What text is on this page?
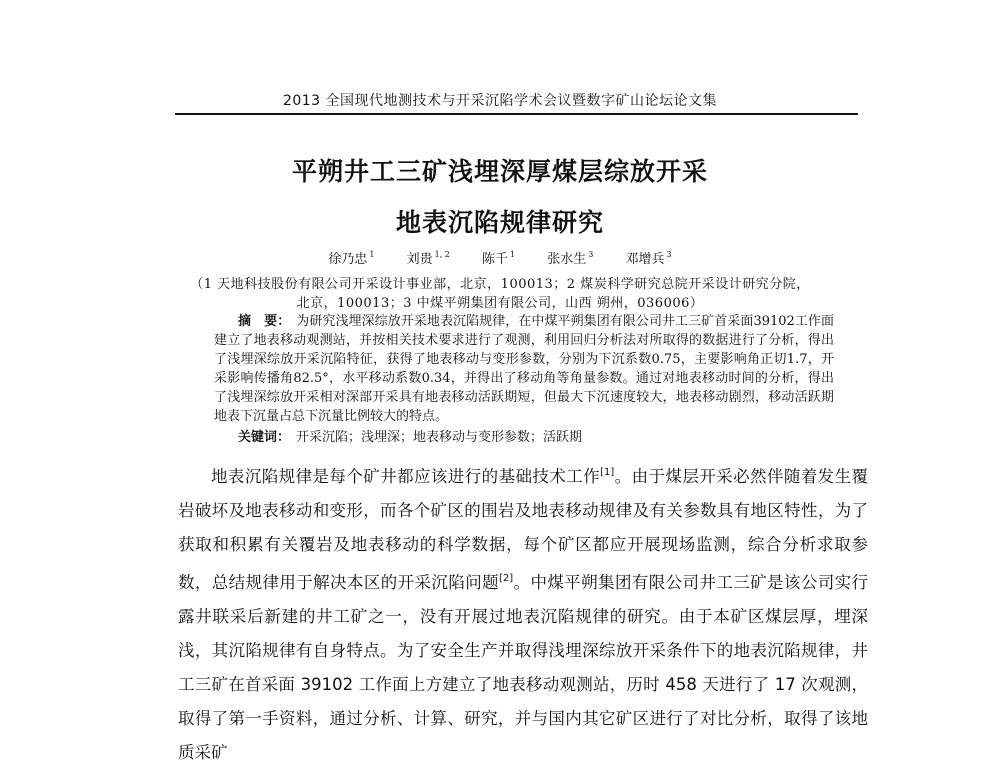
2013 全国现代地测技术与开采沉陷学术会议暨数字矿山论坛论文集
平朔井工三矿浅埋深厚煤层综放开采
地表沉陷规律研究
徐乃忠 $^1$ 刘贵 $^{1, 2}$ 陈千 $^1$ 张水生 $^3$ 邓增兵 $^3$
（1 天地科技股份有限公司开采设计事业部，北京，100013；2 煤炭科学研究总院开采设计研究分院，
北京，100013；3 中煤平朔集团有限公司，山西 朔州，036006）

摘　要： 为研究浅埋深综放开采地表沉陷规律，在中煤平朔集团有限公司井工三矿首采面39102工作面建立了地表移动观测站，并按相关技术要求进行了观测，利用回归分析法对所取得的数据进行了分析，得出了浅埋深综放开采沉陷特征，获得了地表移动与变形参数，分别为下沉系数0.75，主要影响角正切1.7，开采影响传播角82.5°，水平移动系数0.34，并得出了移动角等角量参数。通过对地表移动时间的分析，得出了浅埋深综放开采相对深部开采具有地表移动活跃期短，但最大下沉速度较大，地表移动剧烈，移动活跃期地表下沉量占总下沉量比例较大的特点。

关键词： 开采沉陷；浅埋深；地表移动与变形参数；活跃期

地表沉陷规律是每个矿井都应该进行的基础技术工作[1]。由于煤层开采必然伴随着发生覆岩破坏及地表移动和变形，而各个矿区的围岩及地表移动规律及有关参数具有地区特性，为了获取和积累有关覆岩及地表移动的科学数据，每个矿区都应开展现场监测，综合分析求取参数，总结规律用于解决本区的开采沉陷问题[2]。中煤平朔集团有限公司井工三矿是该公司实行露井联采后新建的井工矿之一，没有开展过地表沉陷规律的研究。由于本矿区煤层厚，埋深浅，其沉陷规律有自身特点。为了安全生产并取得浅埋深综放开采条件下的地表沉陷规律，井工三矿在首采面 39102 工作面上方建立了地表移动观测站，历时 458 天进行了 17 次观测，取得了第一手资料，通过分析、计算、研究，并与国内其它矿区进行了对比分析，取得了该地质采矿
